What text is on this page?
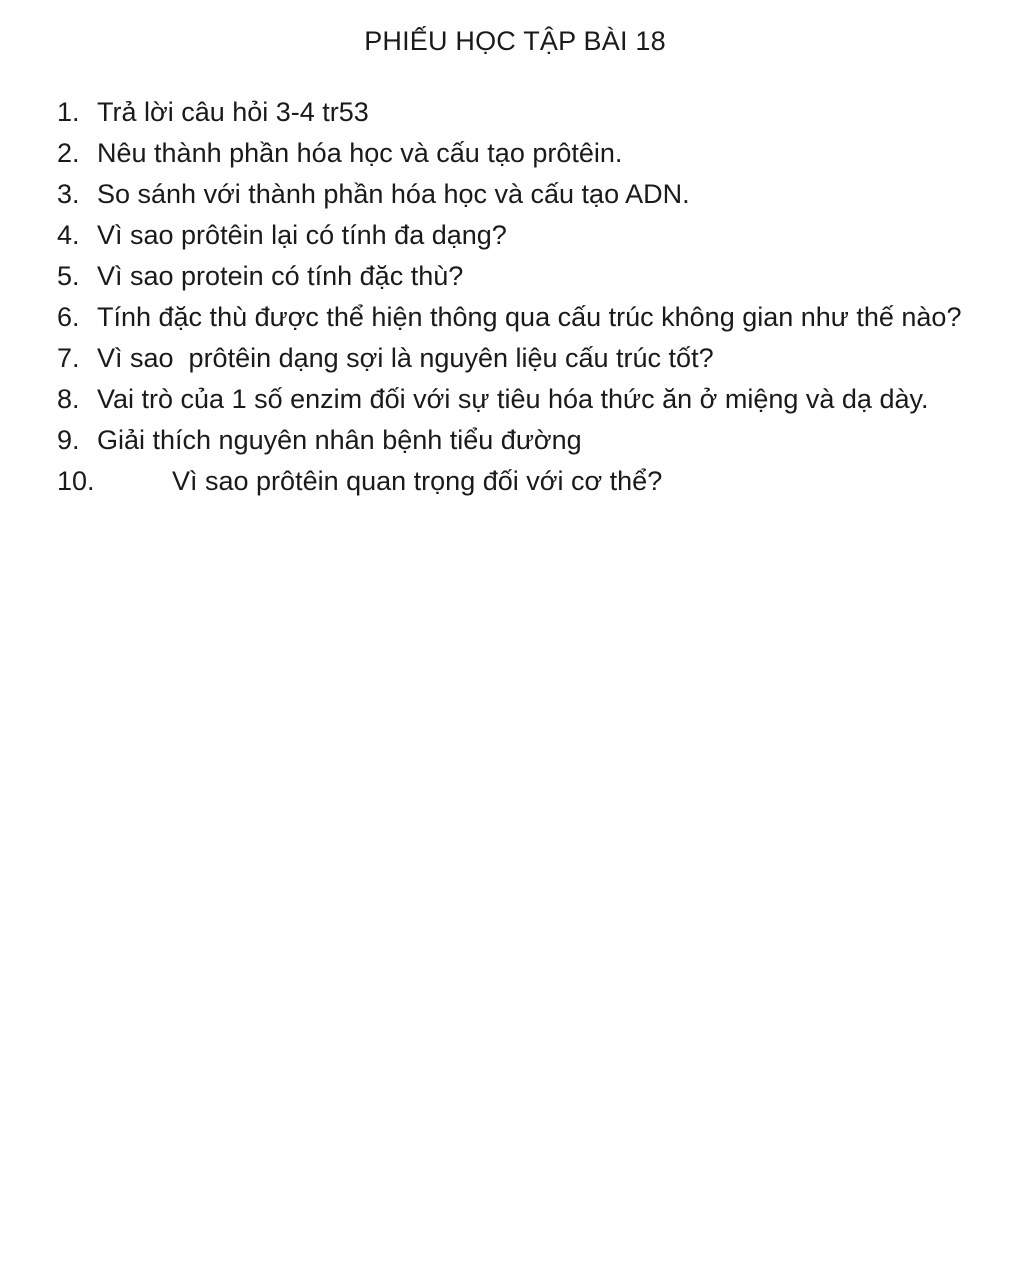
PHIẾU HỌC TẬP BÀI 18
1. Trả lời câu hỏi 3-4 tr53
2. Nêu thành phần hóa học và cấu tạo prôtêin.
3. So sánh với thành phần hóa học và cấu tạo ADN.
4. Vì sao prôtêin lại có tính đa dạng?
5. Vì sao protein có tính đặc thù?
6. Tính đặc thù được thể hiện thông qua cấu trúc không gian như thế nào?
7. Vì sao  prôtêin dạng sợi là nguyên liệu cấu trúc tốt?
8. Vai trò của 1 số enzim đối với sự tiêu hóa thức ăn ở miệng và dạ dày.
9. Giải thích nguyên nhân bệnh tiểu đường
10.	Vì sao prôtêin quan trọng đối với cơ thể?
